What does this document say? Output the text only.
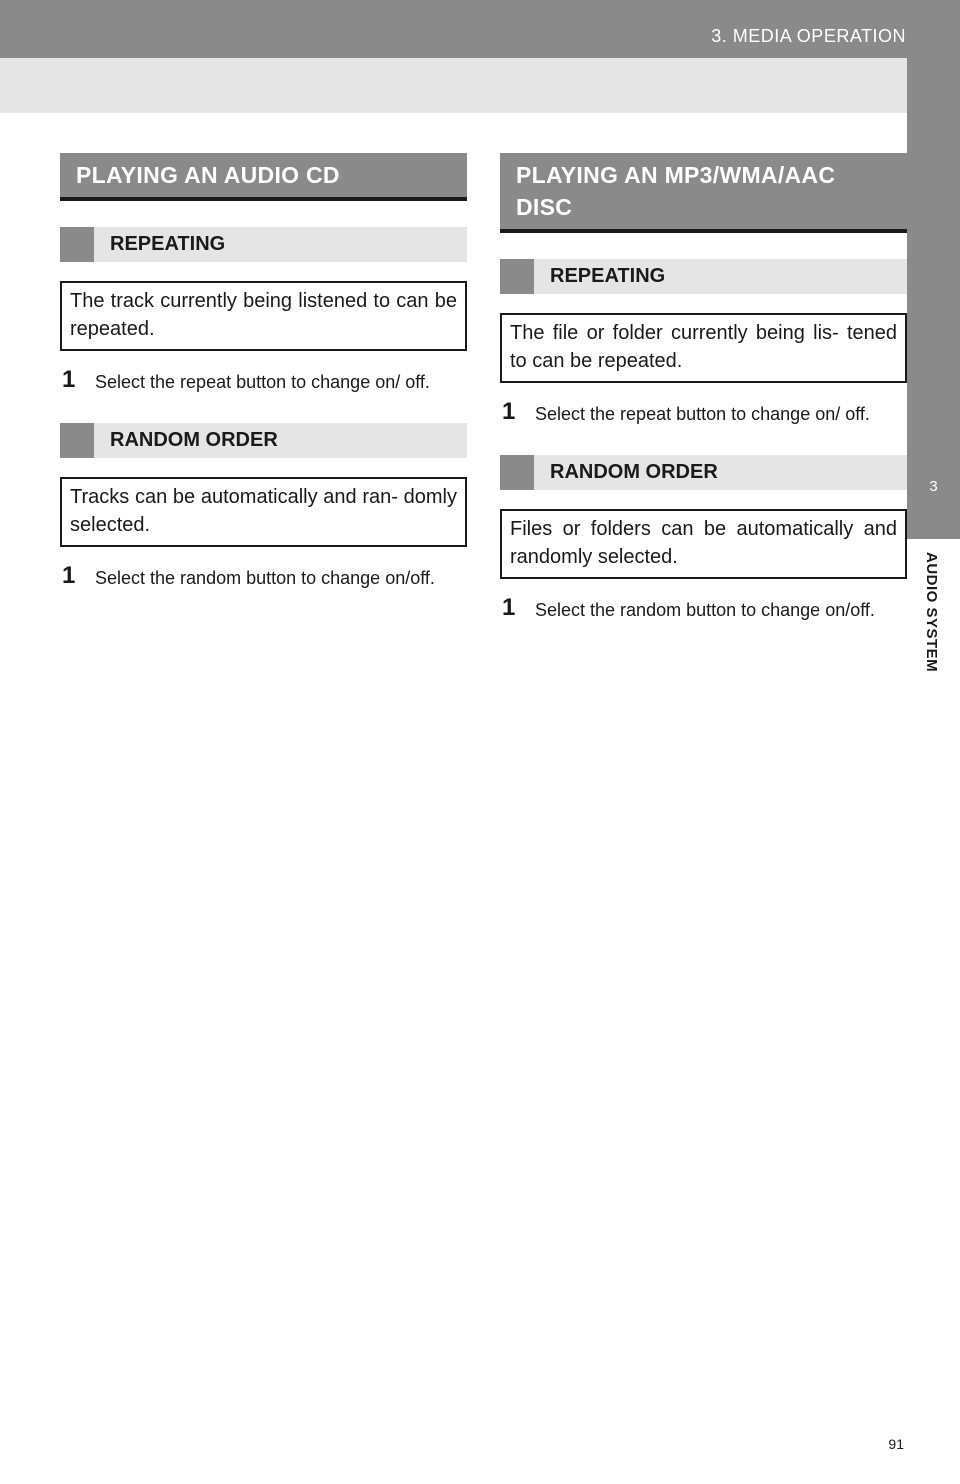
3. MEDIA OPERATION
3
AUDIO SYSTEM
PLAYING AN AUDIO CD
REPEATING
The track currently being listened to can be repeated.
1 Select the repeat button to change on/ off.
RANDOM ORDER
Tracks can be automatically and ran- domly selected.
1 Select the random button to change on/off.
PLAYING AN MP3/WMA/AAC DISC
REPEATING
The file or folder currently being lis- tened to can be repeated.
1 Select the repeat button to change on/ off.
RANDOM ORDER
Files or folders can be automatically and randomly selected.
1 Select the random button to change on/off.
91
